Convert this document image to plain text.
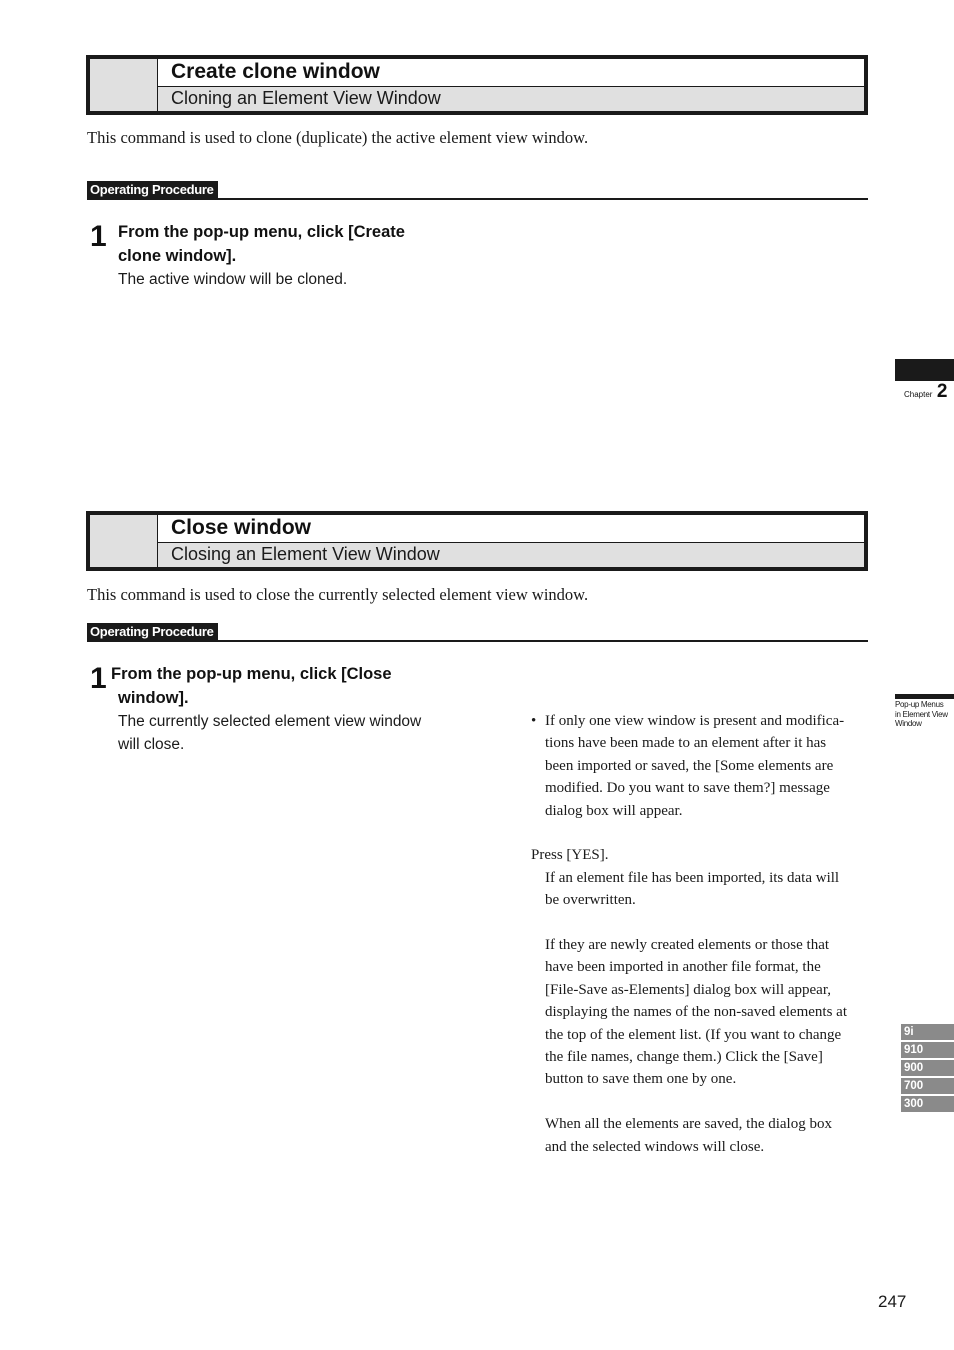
Create clone window
Cloning an Element View Window
This command is used to clone (duplicate) the active element view window.
Operating Procedure
1 From the pop-up menu, click [Create
clone window].
The active window will be cloned.
Close window
Closing an Element View Window
This command is used to close the currently selected element view window.
Operating Procedure
1 From the pop-up menu, click [Close
window].
The currently selected element view window
will close.
• If only one view window is present and modifica-
tions have been made to an element after it has
been imported or saved, the [Some elements are
modified. Do you want to save them?] message
dialog box will appear.
Press [YES].
If an element file has been imported, its data will
be overwritten.
If they are newly created elements or those that
have been imported in another file format, the
[File-Save as-Elements] dialog box will appear,
displaying the names of the non-saved elements at
the top of the element list. (If you want to change
the file names, change them.) Click the [Save]
button to save them one by one.
When all the elements are saved, the dialog box
and the selected windows will close.
Chapter 2
Pop-up Menus
in Element View
Window
9i
910
900
700
300
247
